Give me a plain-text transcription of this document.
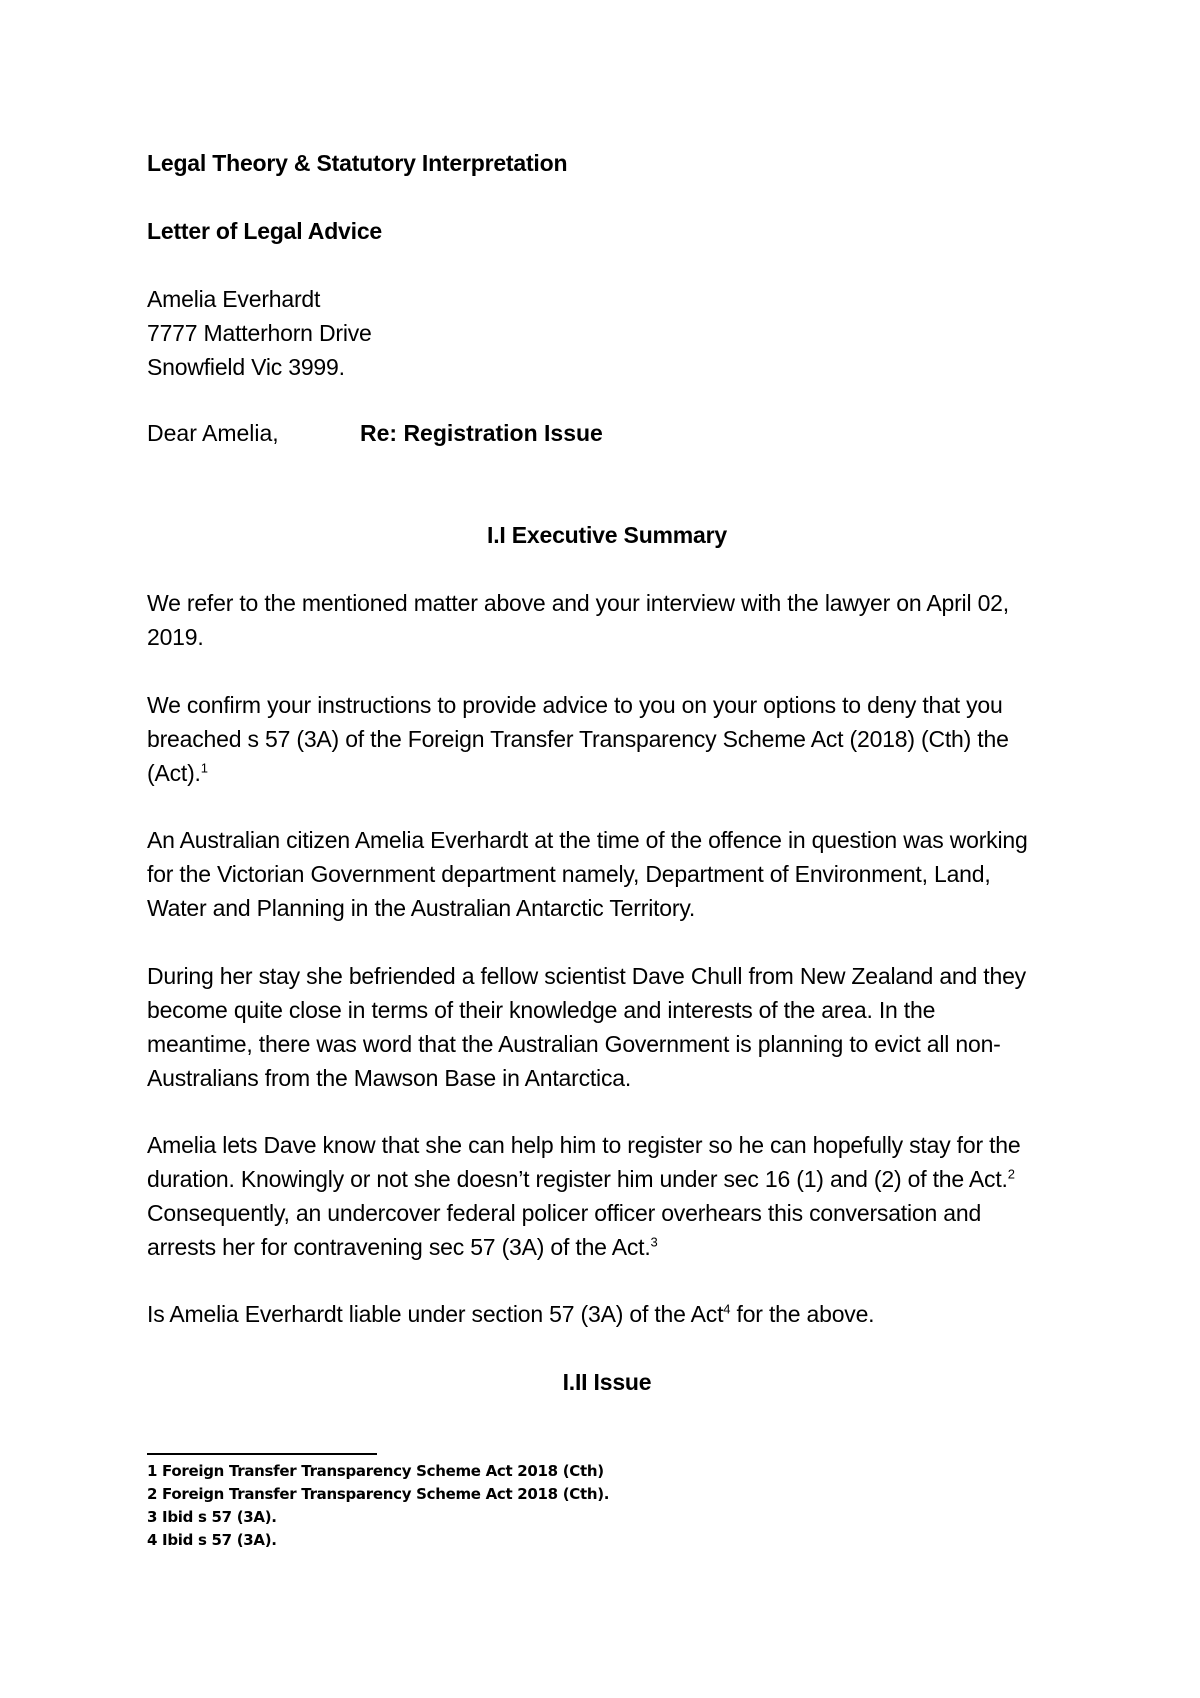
Legal Theory & Statutory Interpretation
Letter of Legal Advice
Amelia Everhardt
7777 Matterhorn Drive
Snowfield Vic 3999.
Dear Amelia,	Re: Registration Issue
I.I Executive Summary
We refer to the mentioned matter above and your interview with the lawyer on April 02,
2019.
We confirm your instructions to provide advice to you on your options to deny that you
breached s 57 (3A) of the Foreign Transfer Transparency Scheme Act (2018) (Cth) the
(Act).$^1$
An Australian citizen Amelia Everhardt at the time of the offence in question was working
for the Victorian Government department namely, Department of Environment, Land,
Water and Planning in the Australian Antarctic Territory.
During her stay she befriended a fellow scientist Dave Chull from New Zealand and they
become quite close in terms of their knowledge and interests of the area. In the
meantime, there was word that the Australian Government is planning to evict all non-
Australians from the Mawson Base in Antarctica.
Amelia lets Dave know that she can help him to register so he can hopefully stay for the
duration. Knowingly or not she doesn’t register him under sec 16 (1) and (2) of the Act.$^2$
Consequently, an undercover federal policer officer overhears this conversation and
arrests her for contravening sec 57 (3A) of the Act.$^3$
Is Amelia Everhardt liable under section 57 (3A) of the Act$^4$ for the above.
I.II Issue
1 Foreign Transfer Transparency Scheme Act 2018 (Cth)
2 Foreign Transfer Transparency Scheme Act 2018 (Cth).
3 Ibid s 57 (3A).
4 Ibid s 57 (3A).
